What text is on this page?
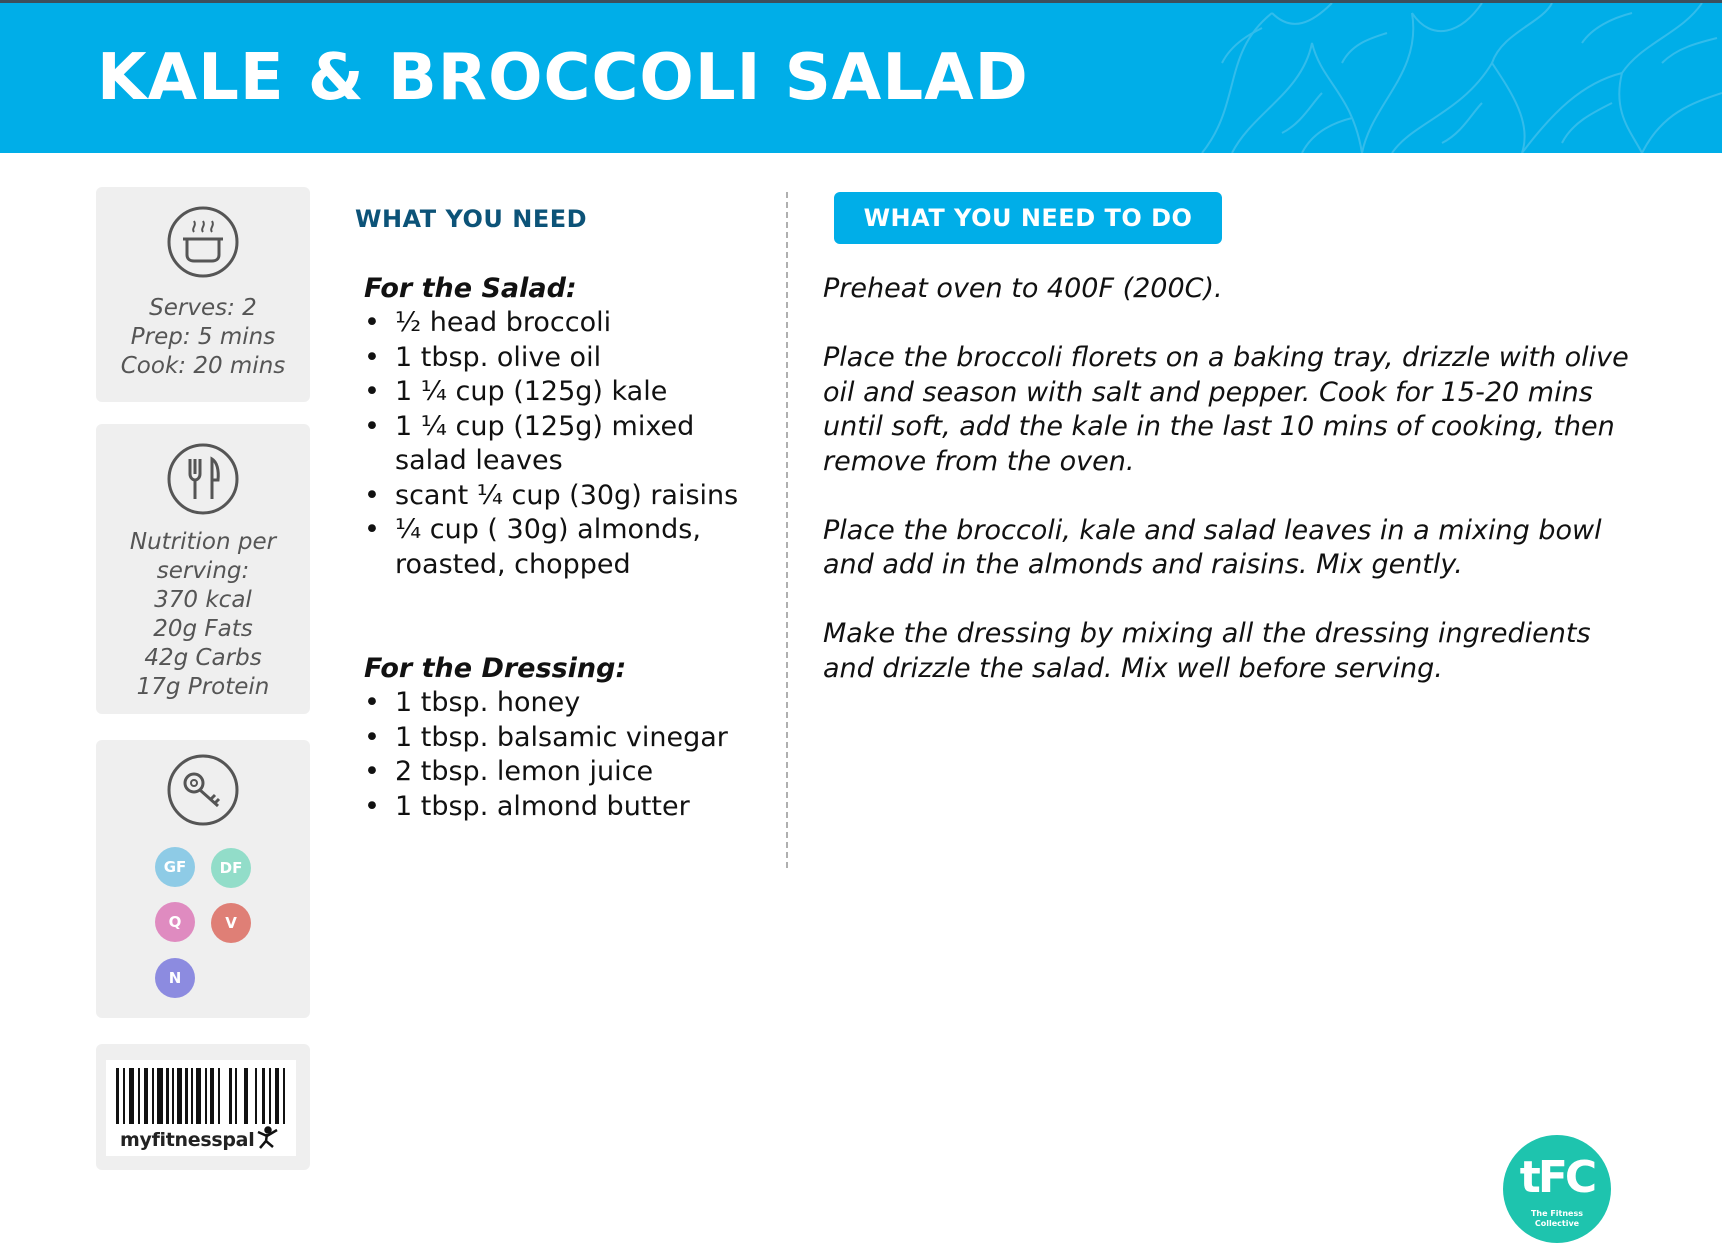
KALE & BROCCOLI SALAD
Serves: 2
Prep: 5 mins
Cook: 20 mins
Nutrition per
serving:
370 kcal
20g Fats
42g Carbs
17g Protein
GF	DF
Q	V
N
myfitnesspal
WHAT YOU NEED
For the Salad:
• ½ head broccoli
• 1 tbsp. olive oil
• 1 ¼ cup (125g) kale
• 1 ¼ cup (125g) mixed salad leaves
• scant ¼ cup (30g) raisins
• ¼ cup ( 30g) almonds, roasted, chopped
For the Dressing:
• 1 tbsp. honey
• 1 tbsp. balsamic vinegar
• 2 tbsp. lemon juice
• 1 tbsp. almond butter
WHAT YOU NEED TO DO

Preheat oven to 400F (200C).

Place the broccoli florets on a baking tray, drizzle with olive oil and season with salt and pepper. Cook for 15-20 mins until soft, add the kale in the last 10 mins of cooking, then remove from the oven.

Place the broccoli, kale and salad leaves in a mixing bowl and add in the almonds and raisins. Mix gently.

Make the dressing by mixing all the dressing ingredients and drizzle the salad. Mix well before serving.

tFC
The Fitness
Collective
